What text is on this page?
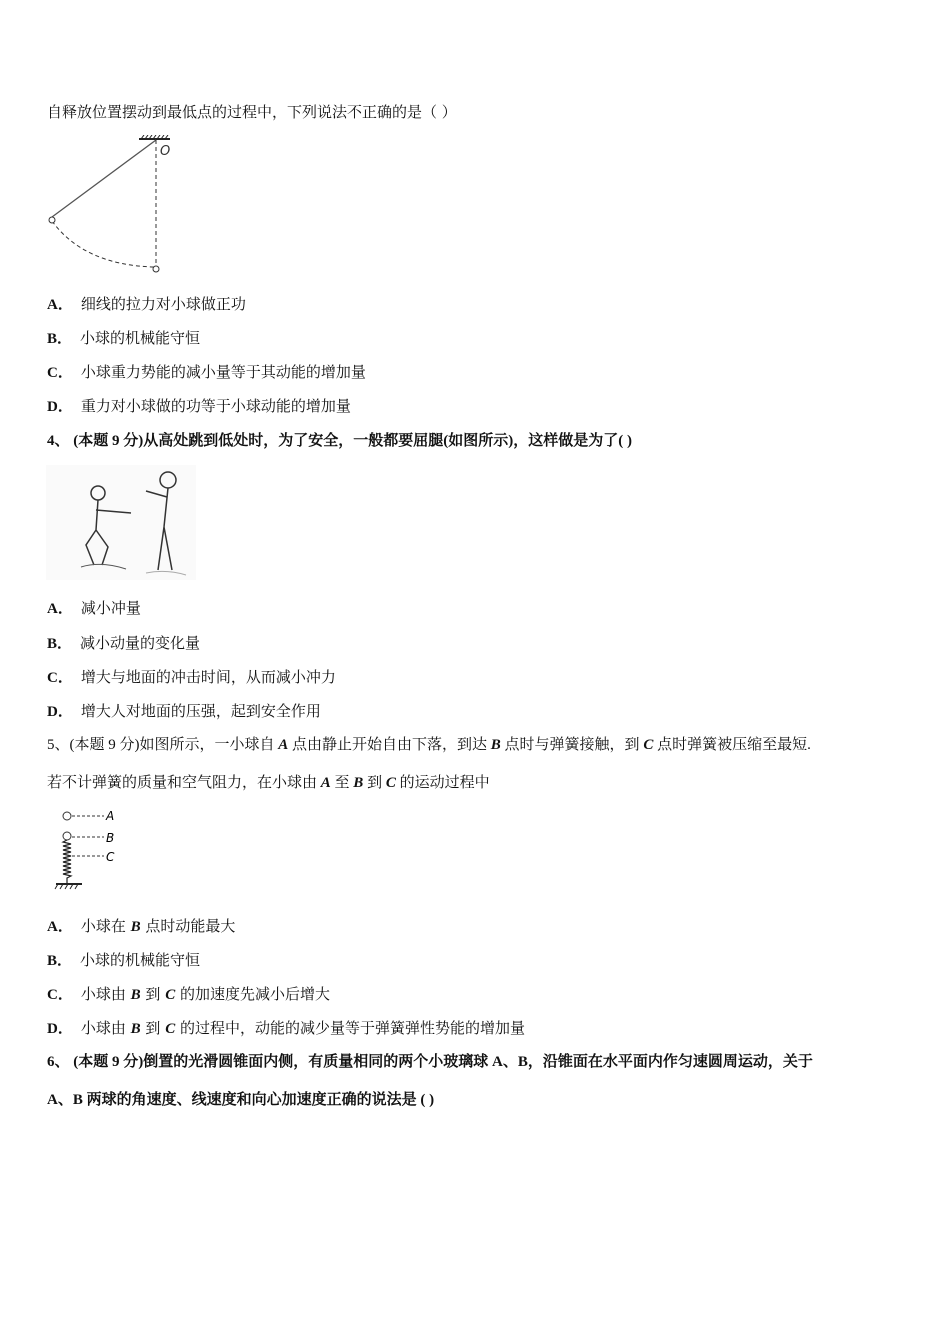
自释放位置摆动到最低点的过程中，下列说法不正确的是（ ）
O
A． 细线的拉力对小球做正功
B． 小球的机械能守恒
C． 小球重力势能的减小量等于其动能的增加量
D． 重力对小球做的功等于小球动能的增加量
4、 (本题 9 分)从高处跳到低处时，为了安全，一般都要屈腿(如图所示)，这样做是为了( )
A． 减小冲量
B． 减小动量的变化量
C． 增大与地面的冲击时间，从而减小冲力
D． 增大人对地面的压强，起到安全作用
5、(本题 9 分)如图所示，一小球自 A 点由静止开始自由下落，到达 B 点时与弹簧接触，到 C 点时弹簧被压缩至最短.
若不计弹簧的质量和空气阻力，在小球由 A 至 B 到 C 的运动过程中
A
B
C
A． 小球在 B 点时动能最大
B． 小球的机械能守恒
C． 小球由 B 到 C 的加速度先减小后增大
D． 小球由 B 到 C 的过程中，动能的减少量等于弹簧弹性势能的增加量
6、 (本题 9 分)倒置的光滑圆锥面内侧，有质量相同的两个小玻璃球 A、B，沿锥面在水平面内作匀速圆周运动，关于
A、B 两球的角速度、线速度和向心加速度正确的说法是 ( )
